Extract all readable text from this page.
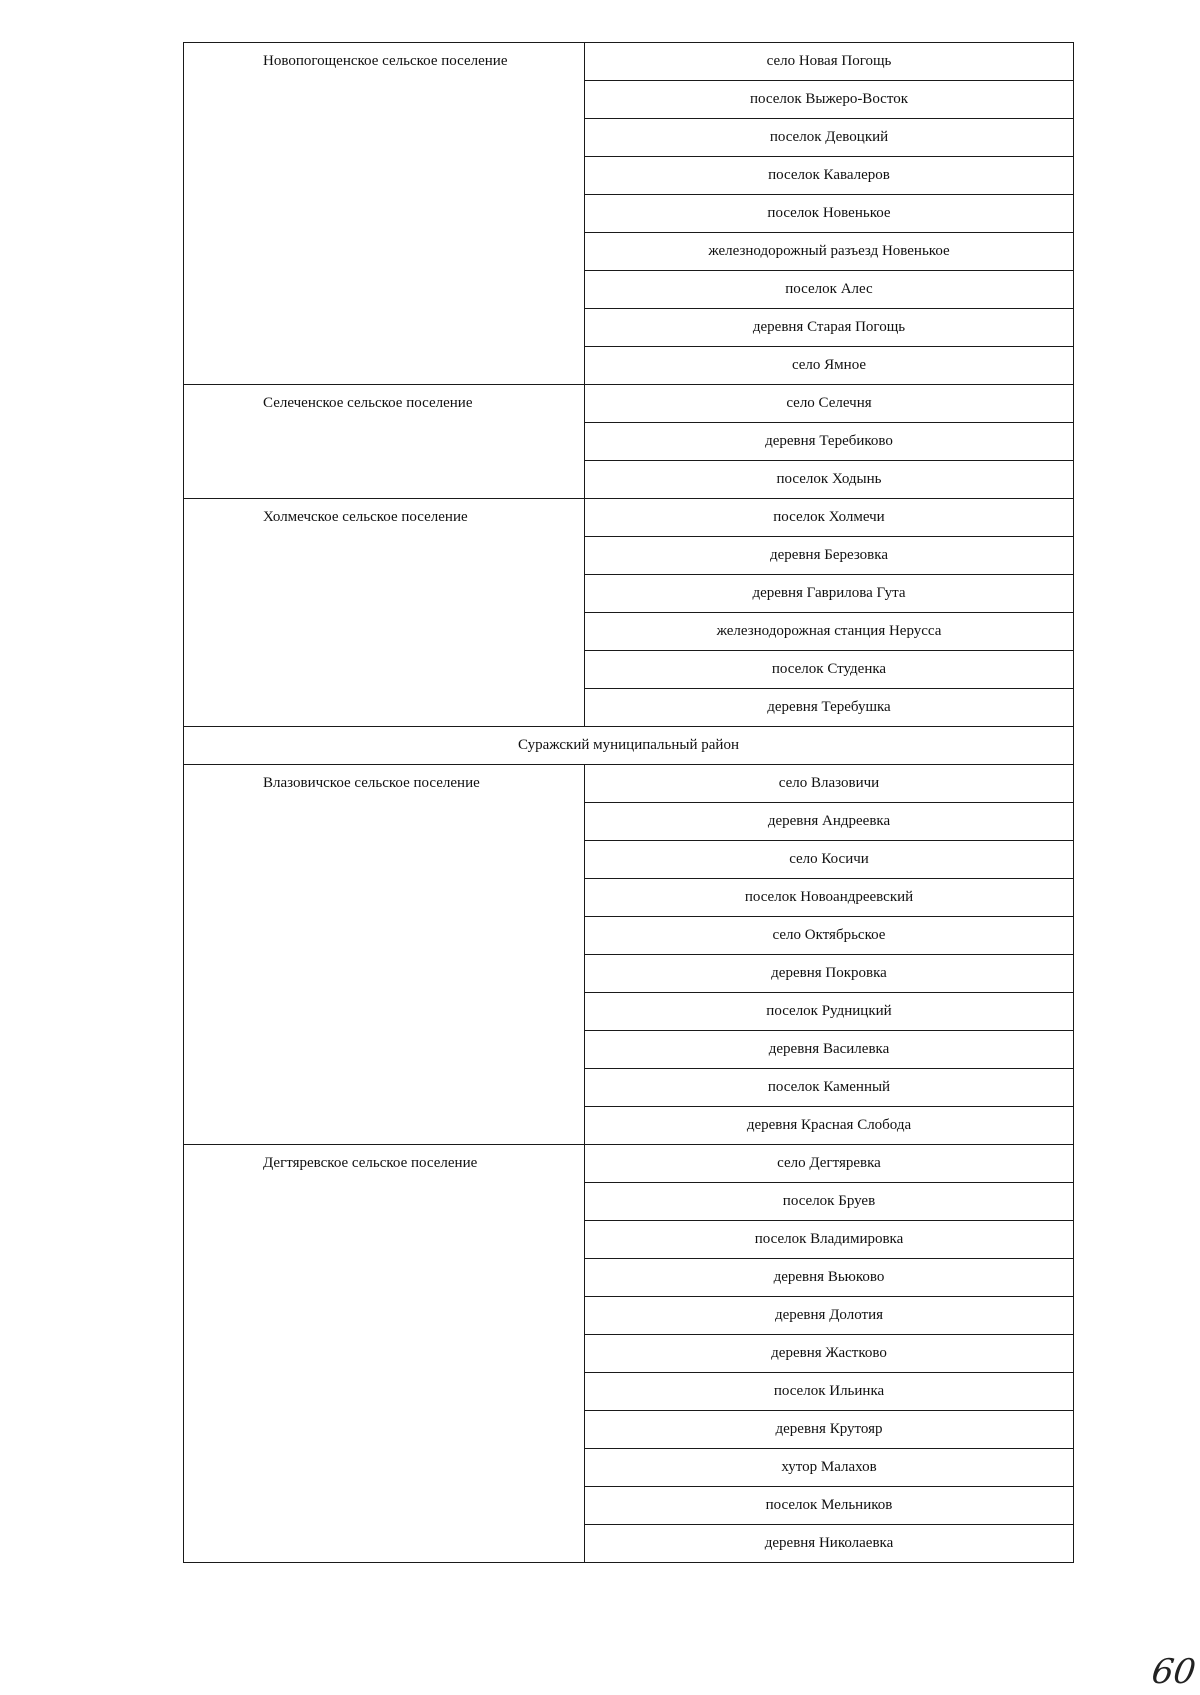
Новопогощенское сельское поселение	село Новая Погощь
	поселок Выжеро-Восток
	поселок Девоцкий
	поселок Кавалеров
	поселок Новенькое
	железнодорожный разъезд Новенькое
	поселок Алес
	деревня Старая Погощь
	село Ямное

Селеченское сельское поселение	село Селечня
	деревня Теребиково
	поселок Ходынь

Холмечское сельское поселение	поселок Холмечи
	деревня Березовка
	деревня Гаврилова Гута
	железнодорожная станция Нерусса
	поселок Студенка
	деревня Теребушка
Суражский муниципальный район	

Влазовичское сельское поселение	село Влазовичи
	деревня Андреевка
	село Косичи
	поселок Новоандреевский
	село Октябрьское
	деревня Покровка
	поселок Рудницкий
	деревня Василевка
	поселок Каменный
	деревня Красная Слобода

Дегтяревское сельское поселение	село Дегтяревка
	поселок Бруев
	поселок Владимировка
	деревня Вьюково
	деревня Долотия
	деревня Жастково
	поселок Ильинка
	деревня Крутояр
	хутор Малахов
	поселок Мельников
	деревня Николаевка
60
